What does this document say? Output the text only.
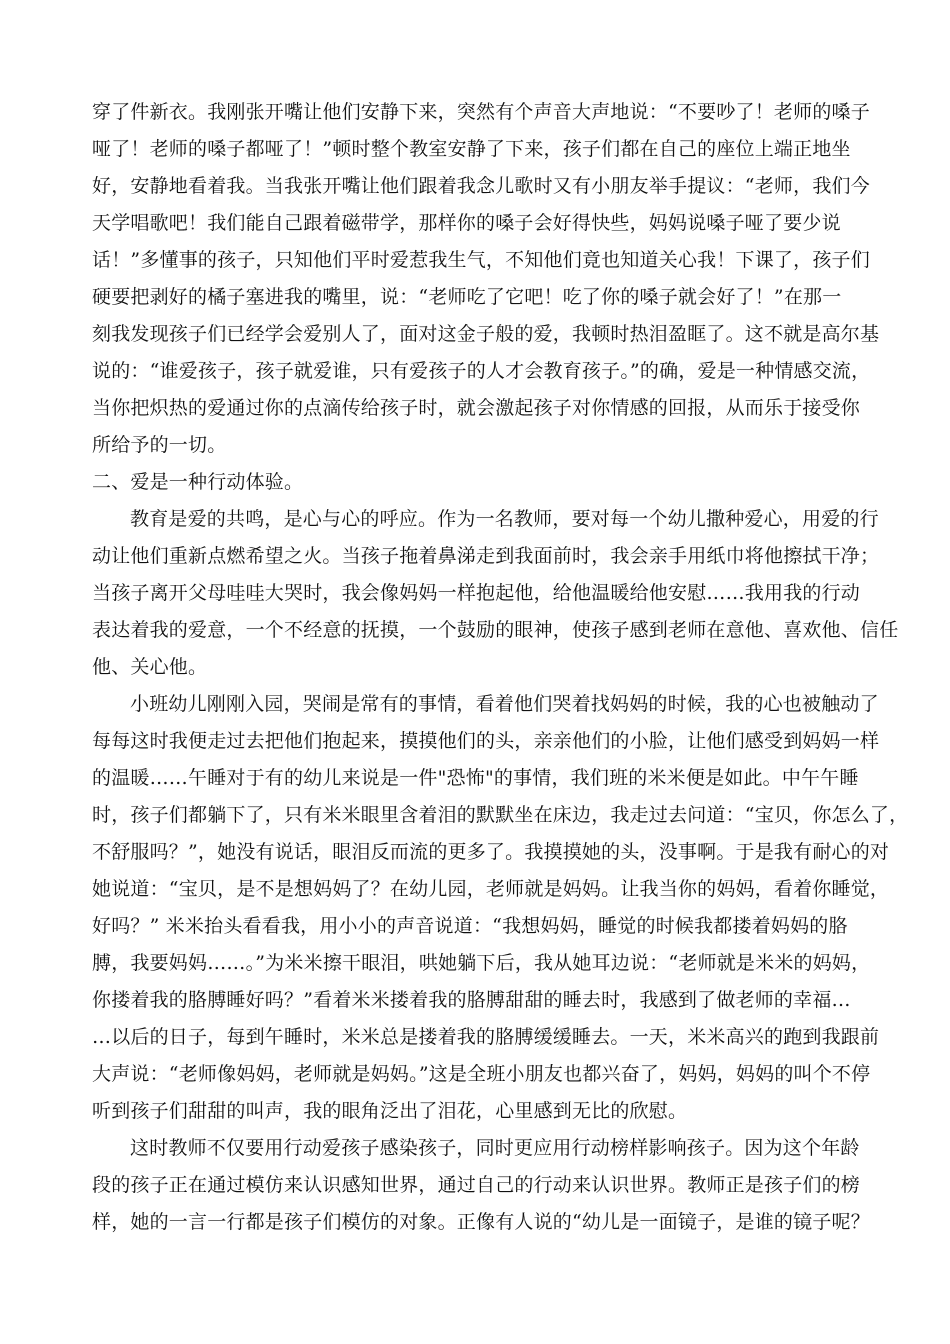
穿了件新衣。我刚张开嘴让他们安静下来，突然有个声音大声地说：“不要吵了！老师的嗓子
哑了！老师的嗓子都哑了！”顿时整个教室安静了下来，孩子们都在自己的座位上端正地坐
好，安静地看着我。当我张开嘴让他们跟着我念儿歌时又有小朋友举手提议：“老师，我们今
天学唱歌吧！我们能自己跟着磁带学，那样你的嗓子会好得快些，妈妈说嗓子哑了要少说
话！”多懂事的孩子，只知他们平时爱惹我生气，不知他们竟也知道关心我！下课了，孩子们
硬要把剥好的橘子塞进我的嘴里，说：“老师吃了它吧！吃了你的嗓子就会好了！”在那一
刻我发现孩子们已经学会爱别人了，面对这金子般的爱，我顿时热泪盈眶了。这不就是高尔基
说的：“谁爱孩子，孩子就爱谁，只有爱孩子的人才会教育孩子。”的确，爱是一种情感交流，
当你把炽热的爱通过你的点滴传给孩子时，就会激起孩子对你情感的回报，从而乐于接受你
所给予的一切。
二、爱是一种行动体验。
教育是爱的共鸣，是心与心的呼应。作为一名教师，要对每一个幼儿撒种爱心，用爱的行
动让他们重新点燃希望之火。当孩子拖着鼻涕走到我面前时，我会亲手用纸巾将他擦拭干净；
当孩子离开父母哇哇大哭时，我会像妈妈一样抱起他，给他温暖给他安慰……我用我的行动
表达着我的爱意，一个不经意的抚摸，一个鼓励的眼神，使孩子感到老师在意他、喜欢他、信任
他、关心他。
小班幼儿刚刚入园，哭闹是常有的事情，看着他们哭着找妈妈的时候，我的心也被触动了
每每这时我便走过去把他们抱起来，摸摸他们的头，亲亲他们的小脸，让他们感受到妈妈一样
的温暖……午睡对于有的幼儿来说是一件"恐怖"的事情，我们班的米米便是如此。中午午睡
时，孩子们都躺下了，只有米米眼里含着泪的默默坐在床边，我走过去问道：“宝贝，你怎么了，
不舒服吗？”，她没有说话，眼泪反而流的更多了。我摸摸她的头，没事啊。于是我有耐心的对
她说道：“宝贝，是不是想妈妈了？在幼儿园，老师就是妈妈。让我当你的妈妈，看着你睡觉，
好吗？” 米米抬头看看我，用小小的声音说道：“我想妈妈，睡觉的时候我都搂着妈妈的胳
膊，我要妈妈……。”为米米擦干眼泪，哄她躺下后，我从她耳边说：“老师就是米米的妈妈，
你搂着我的胳膊睡好吗？”看着米米搂着我的胳膊甜甜的睡去时，我感到了做老师的幸福…
…以后的日子，每到午睡时，米米总是搂着我的胳膊缓缓睡去。一天，米米高兴的跑到我跟前
大声说：“老师像妈妈，老师就是妈妈。”这是全班小朋友也都兴奋了，妈妈，妈妈的叫个不停
听到孩子们甜甜的叫声，我的眼角泛出了泪花，心里感到无比的欣慰。
这时教师不仅要用行动爱孩子感染孩子，同时更应用行动榜样影响孩子。因为这个年龄
段的孩子正在通过模仿来认识感知世界，通过自己的行动来认识世界。教师正是孩子们的榜
样，她的一言一行都是孩子们模仿的对象。正像有人说的“幼儿是一面镜子，是谁的镜子呢？
